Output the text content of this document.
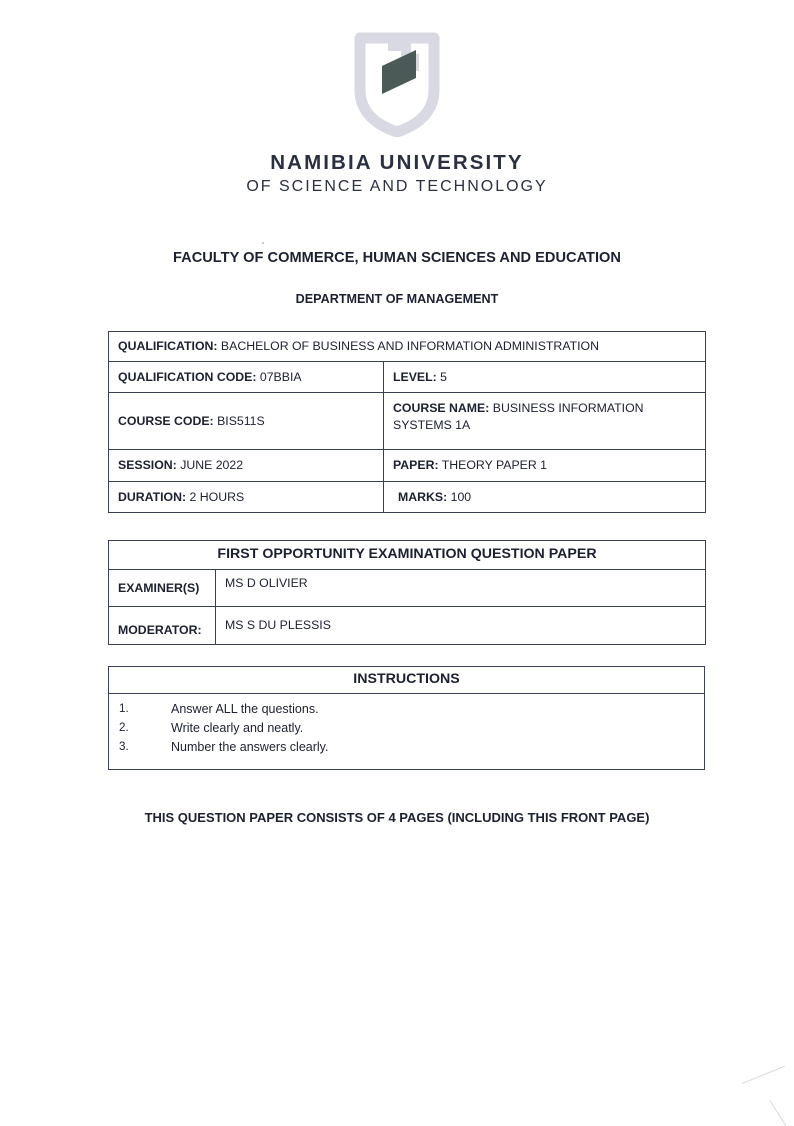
NAMIBIA UNIVERSITY
OF SCIENCE AND TECHNOLOGY
FACULTY OF COMMERCE, HUMAN SCIENCES AND EDUCATION
DEPARTMENT OF MANAGEMENT
QUALIFICATION: BACHELOR OF BUSINESS AND INFORMATION ADMINISTRATION	
QUALIFICATION CODE: 07BBIA	LEVEL: 5
COURSE CODE: BIS511S	COURSE NAME: BUSINESS INFORMATION SYSTEMS 1A
SESSION: JUNE 2022	PAPER: THEORY PAPER 1
DURATION: 2 HOURS	MARKS: 100
FIRST OPPORTUNITY EXAMINATION QUESTION PAPER	
EXAMINER(S)	MS D OLIVIER
MODERATOR:	MS S DU PLESSIS
INSTRUCTIONS

1.	Answer ALL the questions.
2.	Write clearly and neatly.
3.	Number the answers clearly.
THIS QUESTION PAPER CONSISTS OF 4 PAGES (INCLUDING THIS FRONT PAGE)
